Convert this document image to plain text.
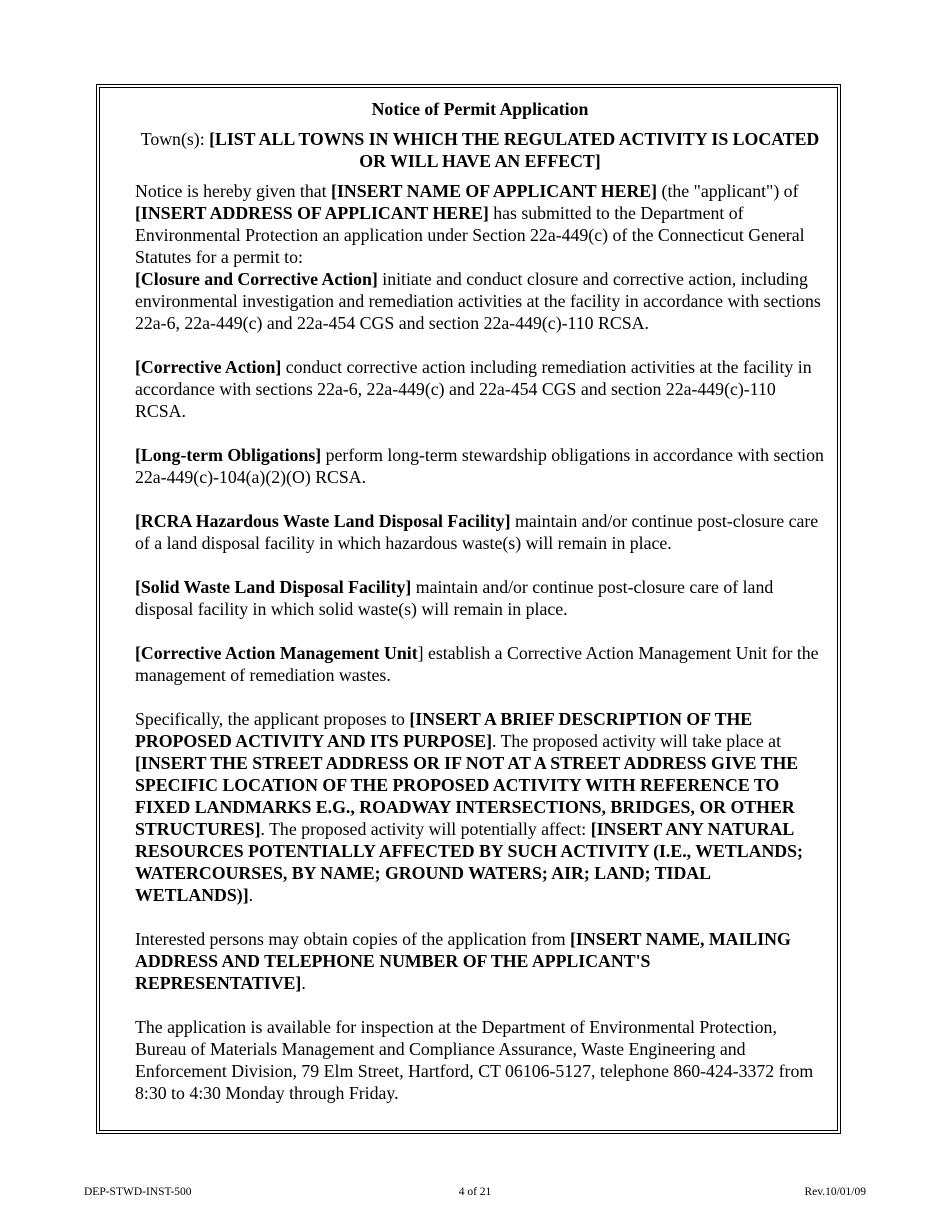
Notice of Permit Application

Town(s): [LIST ALL TOWNS IN WHICH THE REGULATED ACTIVITY IS LOCATED OR WILL HAVE AN EFFECT]

Notice is hereby given that [INSERT NAME OF APPLICANT HERE] (the "applicant") of [INSERT ADDRESS OF APPLICANT HERE] has submitted to the Department of Environmental Protection an application under Section 22a-449(c) of the Connecticut General Statutes for a permit to:

[Closure and Corrective Action] initiate and conduct closure and corrective action, including environmental investigation and remediation activities at the facility in accordance with sections 22a-6, 22a-449(c) and 22a-454 CGS and section 22a-449(c)-110 RCSA.

[Corrective Action] conduct corrective action including remediation activities at the facility in accordance with sections 22a-6, 22a-449(c) and 22a-454 CGS and section 22a-449(c)-110 RCSA.

[Long-term Obligations] perform long-term stewardship obligations in accordance with section 22a-449(c)-104(a)(2)(O) RCSA.

[RCRA Hazardous Waste Land Disposal Facility] maintain and/or continue post-closure care of a land disposal facility in which hazardous waste(s) will remain in place.

[Solid Waste Land Disposal Facility] maintain and/or continue post-closure care of land disposal facility in which solid waste(s) will remain in place.

[Corrective Action Management Unit] establish a Corrective Action Management Unit for the management of remediation wastes.

Specifically, the applicant proposes to [INSERT A BRIEF DESCRIPTION OF THE PROPOSED ACTIVITY AND ITS PURPOSE]. The proposed activity will take place at [INSERT THE STREET ADDRESS OR IF NOT AT A STREET ADDRESS GIVE THE SPECIFIC LOCATION OF THE PROPOSED ACTIVITY WITH REFERENCE TO FIXED LANDMARKS E.G., ROADWAY INTERSECTIONS, BRIDGES, OR OTHER STRUCTURES]. The proposed activity will potentially affect: [INSERT ANY NATURAL RESOURCES POTENTIALLY AFFECTED BY SUCH ACTIVITY (I.E., WETLANDS; WATERCOURSES, BY NAME; GROUND WATERS; AIR; LAND; TIDAL WETLANDS)].

Interested persons may obtain copies of the application from [INSERT NAME, MAILING ADDRESS AND TELEPHONE NUMBER OF THE APPLICANT'S REPRESENTATIVE].

The application is available for inspection at the Department of Environmental Protection, Bureau of Materials Management and Compliance Assurance, Waste Engineering and Enforcement Division, 79 Elm Street, Hartford, CT 06106-5127, telephone 860-424-3372 from 8:30 to 4:30 Monday through Friday.

DEP-STWD-INST-500	4 of 21	Rev.10/01/09
